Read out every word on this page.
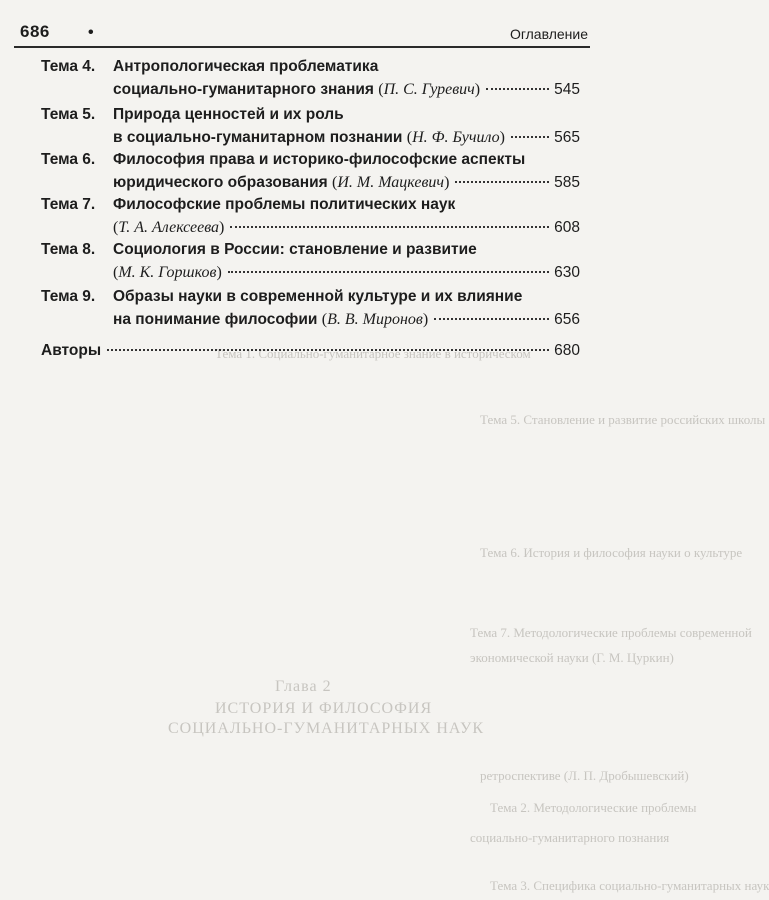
686 •	Оглавление
Глава 2
ИСТОРИЯ И ФИЛОСОФИЯ
СОЦИАЛЬНО-ГУМАНИТАРНЫХ НАУК
Тема 1. Социально-гуманитарное знание в историческом
Тема 5. Становление и развитие российских школы
Тема 6. История и философия науки о культуре
Тема 7. Методологические проблемы современной
ретроспективе (Л. П. Дробышевский)
Тема 2. Методологические проблемы
социально-гуманитарного познания
Тема 3. Специфика социально-гуманитарных наук
экономической науки (Г. М. Цуркин)
Тема 4. Антропологическая проблематика
социально-гуманитарного знания (П. С. Гуревич)	545
Тема 5. Природа ценностей и их роль
в социально-гуманитарном познании (Н. Ф. Бучило)	565
Тема 6. Философия права и историко-философские аспекты
юридического образования (И. М. Мацкевич)	585
Тема 7. Философские проблемы политических наук
(Т. А. Алексеева)	608
Тема 8. Социология в России: становление и развитие
(М. К. Горшков)	630
Тема 9. Образы науки в современной культуре и их влияние
на понимание философии (В. В. Миронов)	656
Авторы	680
